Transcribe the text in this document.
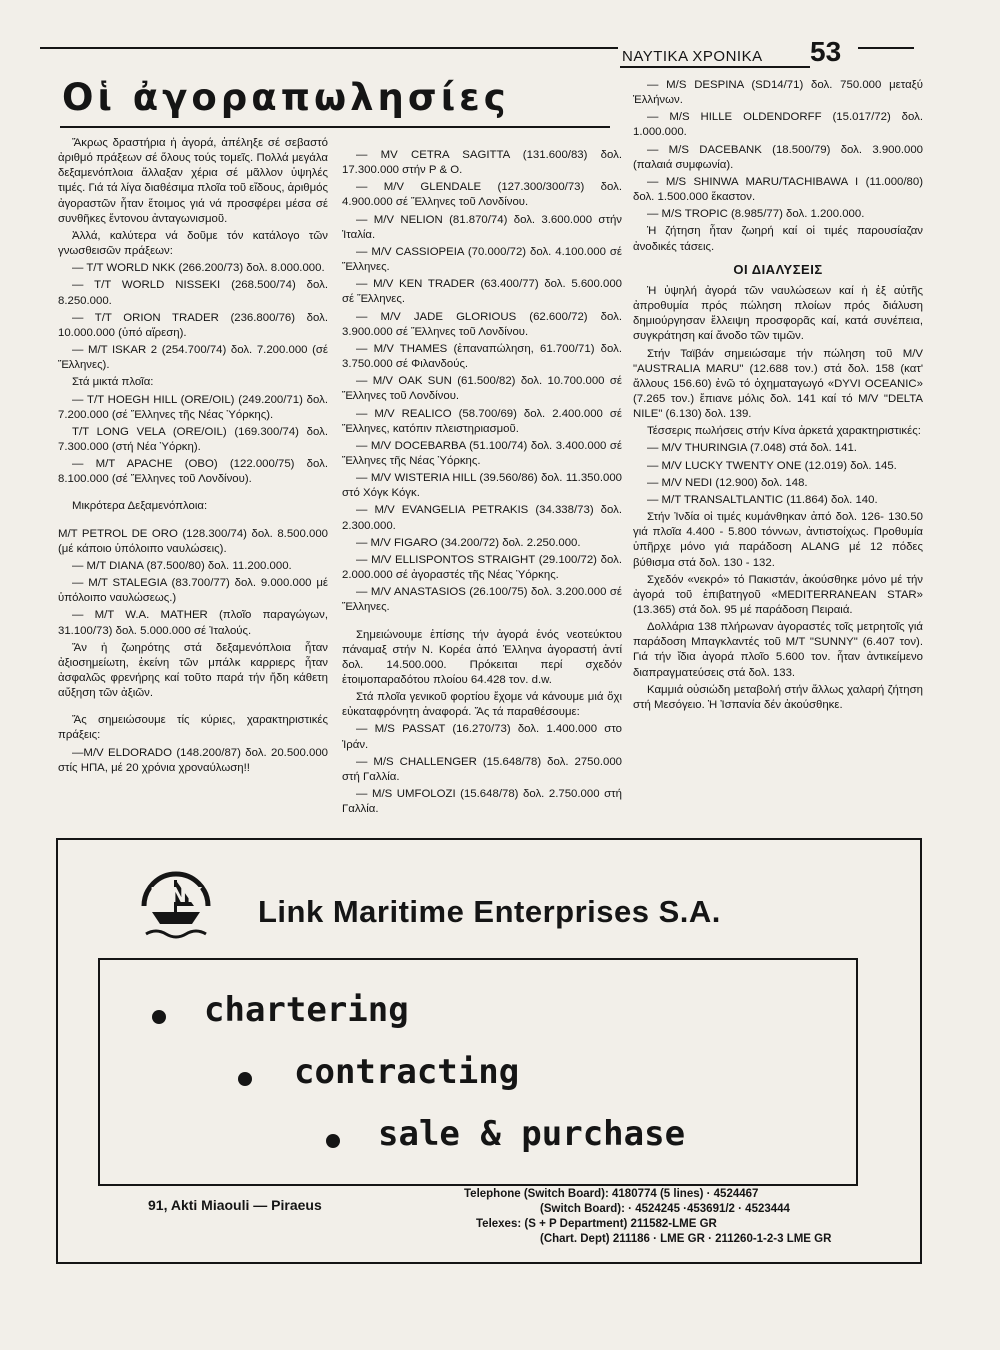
ΝΑΥΤΙΚΑ ΧΡΟΝΙΚΑ 53
Οἱ ἀγοραπωλησίες

Ἄκρως δραστήρια ἡ ἀγορά, ἀπέληξε σέ σεβαστό ἀριθμό πράξεων σέ ὅλους τούς τομεῖς. Πολλά μεγάλα δεξαμενόπλοια ἄλλαξαν χέρια σέ μᾶλλον ὑψηλές τιμές. Γιά τά λίγα διαθέσιμα πλοῖα τοῦ εἴδους, ἀριθμός ἀγοραστῶν ἦταν ἕτοιμος γιά νά προσφέρει μέσα σέ συνθῆκες ἔντονου ἀνταγωνισμοῦ.

Ἀλλά, καλύτερα νά δοῦμε τόν κατάλογο τῶν γνωσθεισῶν πράξεων:

— T/T WORLD NKK (266.200/73) δολ. 8.000.000.

— T/T WORLD NISSEKI (268.500/74) δολ. 8.250.000.

— T/T ORION TRADER (236.800/76) δολ. 10.000.000 (ὑπό αἵρεση).

— M/T ISKAR 2 (254.700/74) δολ. 7.200.000 (σέ Ἕλληνες).

Στά μικτά πλοῖα:

— T/T HOEGH HILL (ORE/OIL) (249.200/71) δολ. 7.200.000 (σέ Ἕλληνες τῆς Νέας Ὑόρκης).

T/T LONG VELA (ORE/OIL) (169.300/74) δολ. 7.300.000 (στή Νέα Ὑόρκη).

— M/T APACHE (OBO) (122.000/75) δολ. 8.100.000 (σέ Ἕλληνες τοῦ Λονδίνου).

Μικρότερα Δεξαμενόπλοια:

M/T PETROL DE ORO (128.300/74) δολ. 8.500.000 (μέ κάποιο ὑπόλοιπο ναυλώσεις).

— M/T DIANA (87.500/80) δολ. 11.200.000.

— M/T STALEGIA (83.700/77) δολ. 9.000.000 μέ ὑπόλοιπο ναυλώσεως.)

— M/T W.A. MATHER (πλοῖο παραγώγων, 31.100/73) δολ. 5.000.000 σέ Ἰταλούς.

Ἄν ἡ ζωηρότης στά δεξαμενόπλοια ἦταν ἀξιοσημείωτη, ἐκείνη τῶν μπάλκ καρριερς ἦταν ἀσφαλῶς φρενήρης καί τοῦτο παρά τήν ἤδη κάθετη αὔξηση τῶν ἀξιῶν.

Ἄς σημειώσουμε τίς κύριες, χαρακτηριστικές πράξεις:

—M/V ELDORADO (148.200/87) δολ. 20.500.000 στίς ΗΠΑ, μέ 20 χρόνια χροναύλωση!!

— MV CETRA SAGITTA (131.600/83) δολ. 17.300.000 στήν P & O.

— M/V GLENDALE (127.300/300/73) δολ. 4.900.000 σέ Ἕλληνες τοῦ Λονδίνου.

— M/V NELION (81.870/74) δολ. 3.600.000 στήν Ἰταλία.

— M/V CASSIOPEIA (70.000/72) δολ. 4.100.000 σέ Ἕλληνες.

— M/V KEN TRADER (63.400/77) δολ. 5.600.000 σέ Ἕλληνες.

— M/V JADE GLORIOUS (62.600/72) δολ. 3.900.000 σέ Ἕλληνες τοῦ Λονδίνου.

— M/V THAMES (ἐπαναπώληση, 61.700/71) δολ. 3.750.000 σέ Φιλανδούς.

— M/V OAK SUN (61.500/82) δολ. 10.700.000 σέ Ἕλληνες τοῦ Λονδίνου.

— M/V REALICO (58.700/69) δολ. 2.400.000 σέ Ἕλληνες, κατόπιν πλειστηριασμοῦ.

— M/V DOCEBARBA (51.100/74) δολ. 3.400.000 σέ Ἕλληνες τῆς Νέας Ὑόρκης.

— M/V WISTERIA HILL (39.560/86) δολ. 11.350.000 στό Χόγκ Κόγκ.

— M/V EVANGELIA PETRAKIS (34.338/73) δολ. 2.300.000.

— M/V FIGARO (34.200/72) δολ. 2.250.000.

— M/V ELLISPONTOS STRAIGHT (29.100/72) δολ. 2.000.000 σέ ἀγοραστές τῆς Νέας Ὑόρκης.

— M/V ANASTASIOS (26.100/75) δολ. 3.200.000 σέ Ἕλληνες.

Σημειώνουμε ἐπίσης τήν ἀγορά ἑνός νεοτεύκτου πάναμαξ στήν Ν. Κορέα ἀπό Ἑλληνα ἀγοραστή ἀντί δολ. 14.500.000. Πρόκειται περί σχεδόν ἑτοιμοπαραδότου πλοίου 64.428 τον. d.w.

Στά πλοῖα γενικοῦ φορτίου ἔχομε νά κάνουμε μιά ὄχι εὐκαταφρόνητη ἀναφορά. Ἄς τά παραθέσουμε:

— M/S PASSAT (16.270/73) δολ. 1.400.000 στο Ἰράν.

— M/S CHALLENGER (15.648/78) δολ. 2750.000 στή Γαλλία.

— M/S UMFOLOZI (15.648/78) δολ. 2.750.000 στή Γαλλία.

— M/S DESPINA (SD14/71) δολ. 750.000 μεταξύ Ἑλλήνων.

— M/S HILLE OLDENDORFF (15.017/72) δολ. 1.000.000.

— M/S DACEBANK (18.500/79) δολ. 3.900.000 (παλαιά συμφωνία).

— M/S SHINWA MARU/TACHIBAWA I (11.000/80) δολ. 1.500.000 ἕκαστον.

— M/S TROPIC (8.985/77) δολ. 1.200.000.

Ἡ ζήτηση ἦταν ζωηρή καί οἱ τιμές παρουσίαζαν ἀνοδικές τάσεις.

ΟΙ ΔΙΑΛΥΣΕΙΣ

Ἡ ὑψηλή ἀγορά τῶν ναυλώσεων καί ἡ ἐξ αὐτῆς ἀπροθυμία πρός πώληση πλοίων πρός διάλυση δημιούργησαν ἔλλειψη προσφορᾶς καί, κατά συνέπεια, συγκράτηση καί ἄνοδο τῶν τιμῶν.

Στήν Ταϊβάν σημειώσαμε τήν πώληση τοῦ M/V "AUSTRALIA MARU" (12.688 τον.) στά δολ. 158 (κατ' ἄλλους 156.60) ἐνῶ τό ὀχηματαγωγό «DYVI OCEANIC» (7.265 τον.) ἔπιανε μόλις δολ. 141 καί τό M/V "DELTA NILE" (6.130) δολ. 139.

Τέσσερις πωλήσεις στήν Κίνα ἀρκετά χαρακτηριστικές:

— M/V THURINGIA (7.048) στά δολ. 141.

— M/V LUCKY TWENTY ONE (12.019) δολ. 145.

— M/V NEDI (12.900) δολ. 148.

— M/T TRANSALTLANTIC (11.864) δολ. 140.

Στήν Ἰνδία οἱ τιμές κυμάνθηκαν ἀπό δολ. 126- 130.50 γιά πλοῖα 4.400 - 5.800 τόννων, ἀντιστοίχως. Προθυμία ὑπῆρχε μόνο γιά παράδοση ALANG μέ 12 πόδες βύθισμα στά δολ. 130 - 132.

Σχεδόν «νεκρό» τό Πακιστάν, ἀκούσθηκε μόνο μέ τήν ἀγορά τοῦ ἐπιβατηγοῦ «MEDITERRANEAN STAR» (13.365) στά δολ. 95 μέ παράδοση Πειραιά.

Δολλάρια 138 πλήρωναν ἀγοραστές τοῖς μετρητοῖς γιά παράδοση Μπαγκλαντές τοῦ M/T "SUNNY" (6.407 τον). Γιά τήν ἴδια ἀγορά πλοῖο 5.600 τον. ἦταν ἀντικείμενο διαπραγματεύσεις στά δολ. 133.

Καμμιά οὐσιώδη μεταβολή στήν ἄλλως χαλαρή ζήτηση στή Μεσόγειο. Ἡ Ἰσπανία δέν ἀκούσθηκε.

LINK Link Maritime Enterprises S.A.
chartering
contracting
sale & purchase
91, Akti Miaouli — Piraeus
Telephone (Switch Board): 4180774 (5 lines) · 4524467
(Switch Board): · 4524245 ·453691/2 · 4523444
Telexes: (S + P Department) 211582-LME GR
(Chart. Dept) 211186 · LME GR · 211260-1-2-3 LME GR
